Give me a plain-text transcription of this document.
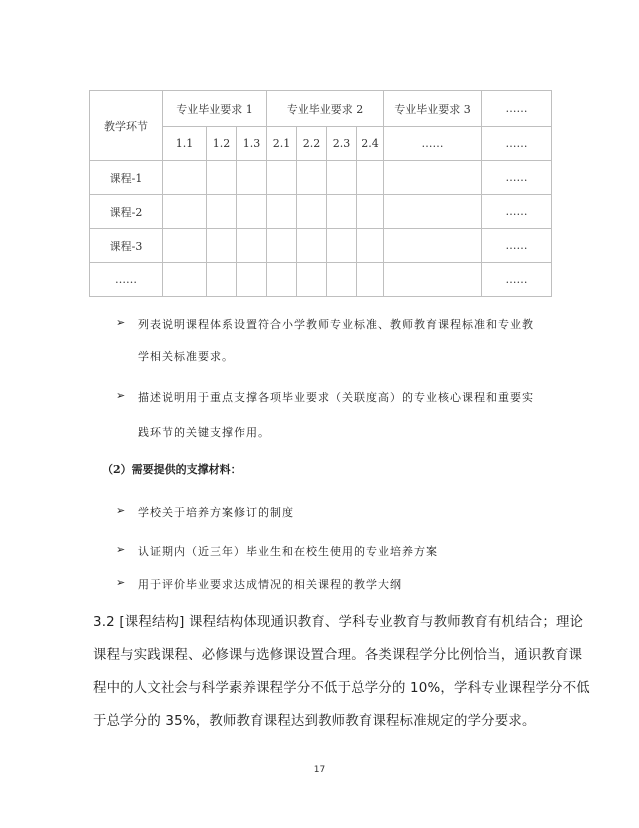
教学环节	专业毕业要求 1			专业毕业要求 2				专业毕业要求 3	……
	1.1	1.2	1.3	2.1	2.2	2.3	2.4	……	……
课程-1									……
课程-2									……
课程-3									……
……									……
➢	列表说明课程体系设置符合小学教师专业标准、教师教育课程标准和专业教
学相关标准要求。
➢	描述说明用于重点支撑各项毕业要求（关联度高）的专业核心课程和重要实
践环节的关键支撑作用。
（2）需要提供的支撑材料：
➢	学校关于培养方案修订的制度
➢	认证期内（近三年）毕业生和在校生使用的专业培养方案
➢	用于评价毕业要求达成情况的相关课程的教学大纲
3.2 [课程结构] 课程结构体现通识教育、学科专业教育与教师教育有机结合；理论
课程与实践课程、必修课与选修课设置合理。各类课程学分比例恰当，通识教育课
程中的人文社会与科学素养课程学分不低于总学分的 10%，学科专业课程学分不低
于总学分的 35%，教师教育课程达到教师教育课程标准规定的学分要求。
17
